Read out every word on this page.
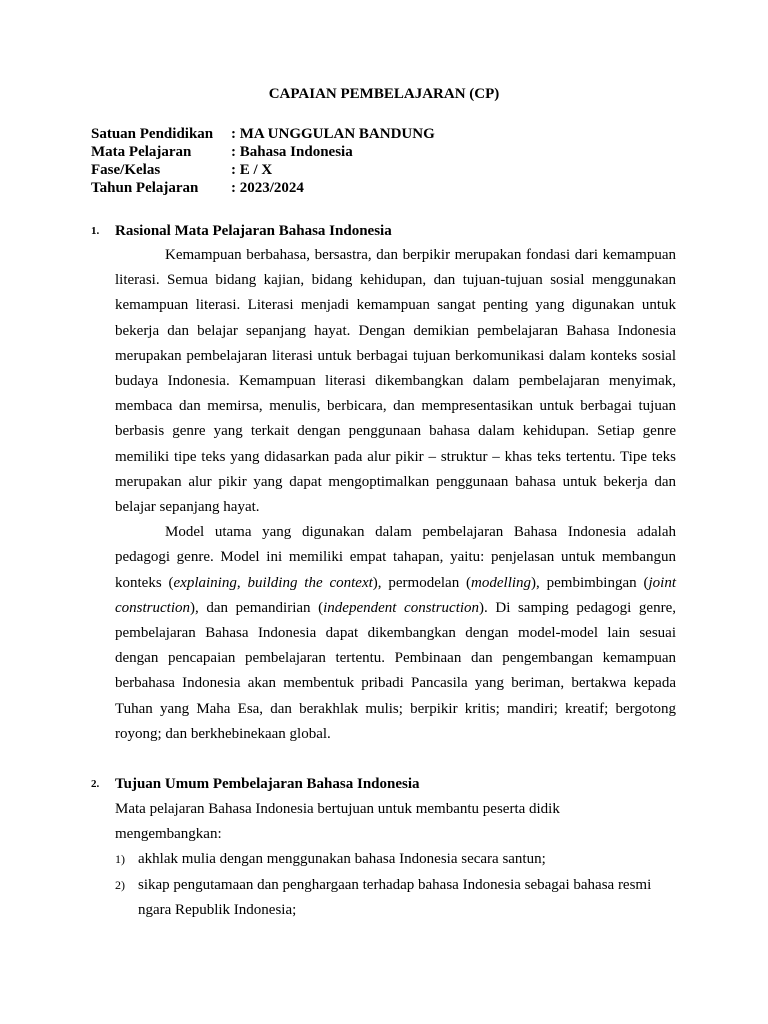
CAPAIAN PEMBELAJARAN (CP)
Satuan Pendidikan	: MA UNGGULAN BANDUNG
Mata Pelajaran	: Bahasa Indonesia
Fase/Kelas	: E / X
Tahun Pelajaran	: 2023/2024
1.	Rasional Mata Pelajaran Bahasa Indonesia

Kemampuan berbahasa, bersastra, dan berpikir merupakan fondasi dari kemampuan literasi. Semua bidang kajian, bidang kehidupan, dan tujuan-tujuan sosial menggunakan kemampuan literasi. Literasi menjadi kemampuan sangat penting yang digunakan untuk bekerja dan belajar sepanjang hayat. Dengan demikian pembelajaran Bahasa Indonesia merupakan pembelajaran literasi untuk berbagai tujuan berkomunikasi dalam konteks sosial budaya Indonesia. Kemampuan literasi dikembangkan dalam pembelajaran menyimak, membaca dan memirsa, menulis, berbicara, dan mempresentasikan untuk berbagai tujuan berbasis genre yang terkait dengan penggunaan bahasa dalam kehidupan. Setiap genre memiliki tipe teks yang didasarkan pada alur pikir – struktur – khas teks tertentu. Tipe teks merupakan alur pikir yang dapat mengoptimalkan penggunaan bahasa untuk bekerja dan belajar sepanjang hayat.

Model utama yang digunakan dalam pembelajaran Bahasa Indonesia adalah pedagogi genre. Model ini memiliki empat tahapan, yaitu: penjelasan untuk membangun konteks (explaining, building the context), permodelan (modelling), pembimbingan (joint construction), dan pemandirian (independent construction). Di samping pedagogi genre, pembelajaran Bahasa Indonesia dapat dikembangkan dengan model-model lain sesuai dengan pencapaian pembelajaran tertentu. Pembinaan dan pengembangan kemampuan berbahasa Indonesia akan membentuk pribadi Pancasila yang beriman, bertakwa kepada Tuhan yang Maha Esa, dan berakhlak mulis; berpikir kritis; mandiri; kreatif; bergotong royong; dan berkhebinekaan global.

2.	Tujuan Umum Pembelajaran Bahasa Indonesia
Mata pelajaran Bahasa Indonesia bertujuan untuk membantu peserta didik
mengembangkan:
1) akhlak mulia dengan menggunakan bahasa Indonesia secara santun;
2) sikap pengutamaan dan penghargaan terhadap bahasa Indonesia sebagai bahasa resmi ngara Republik Indonesia;
